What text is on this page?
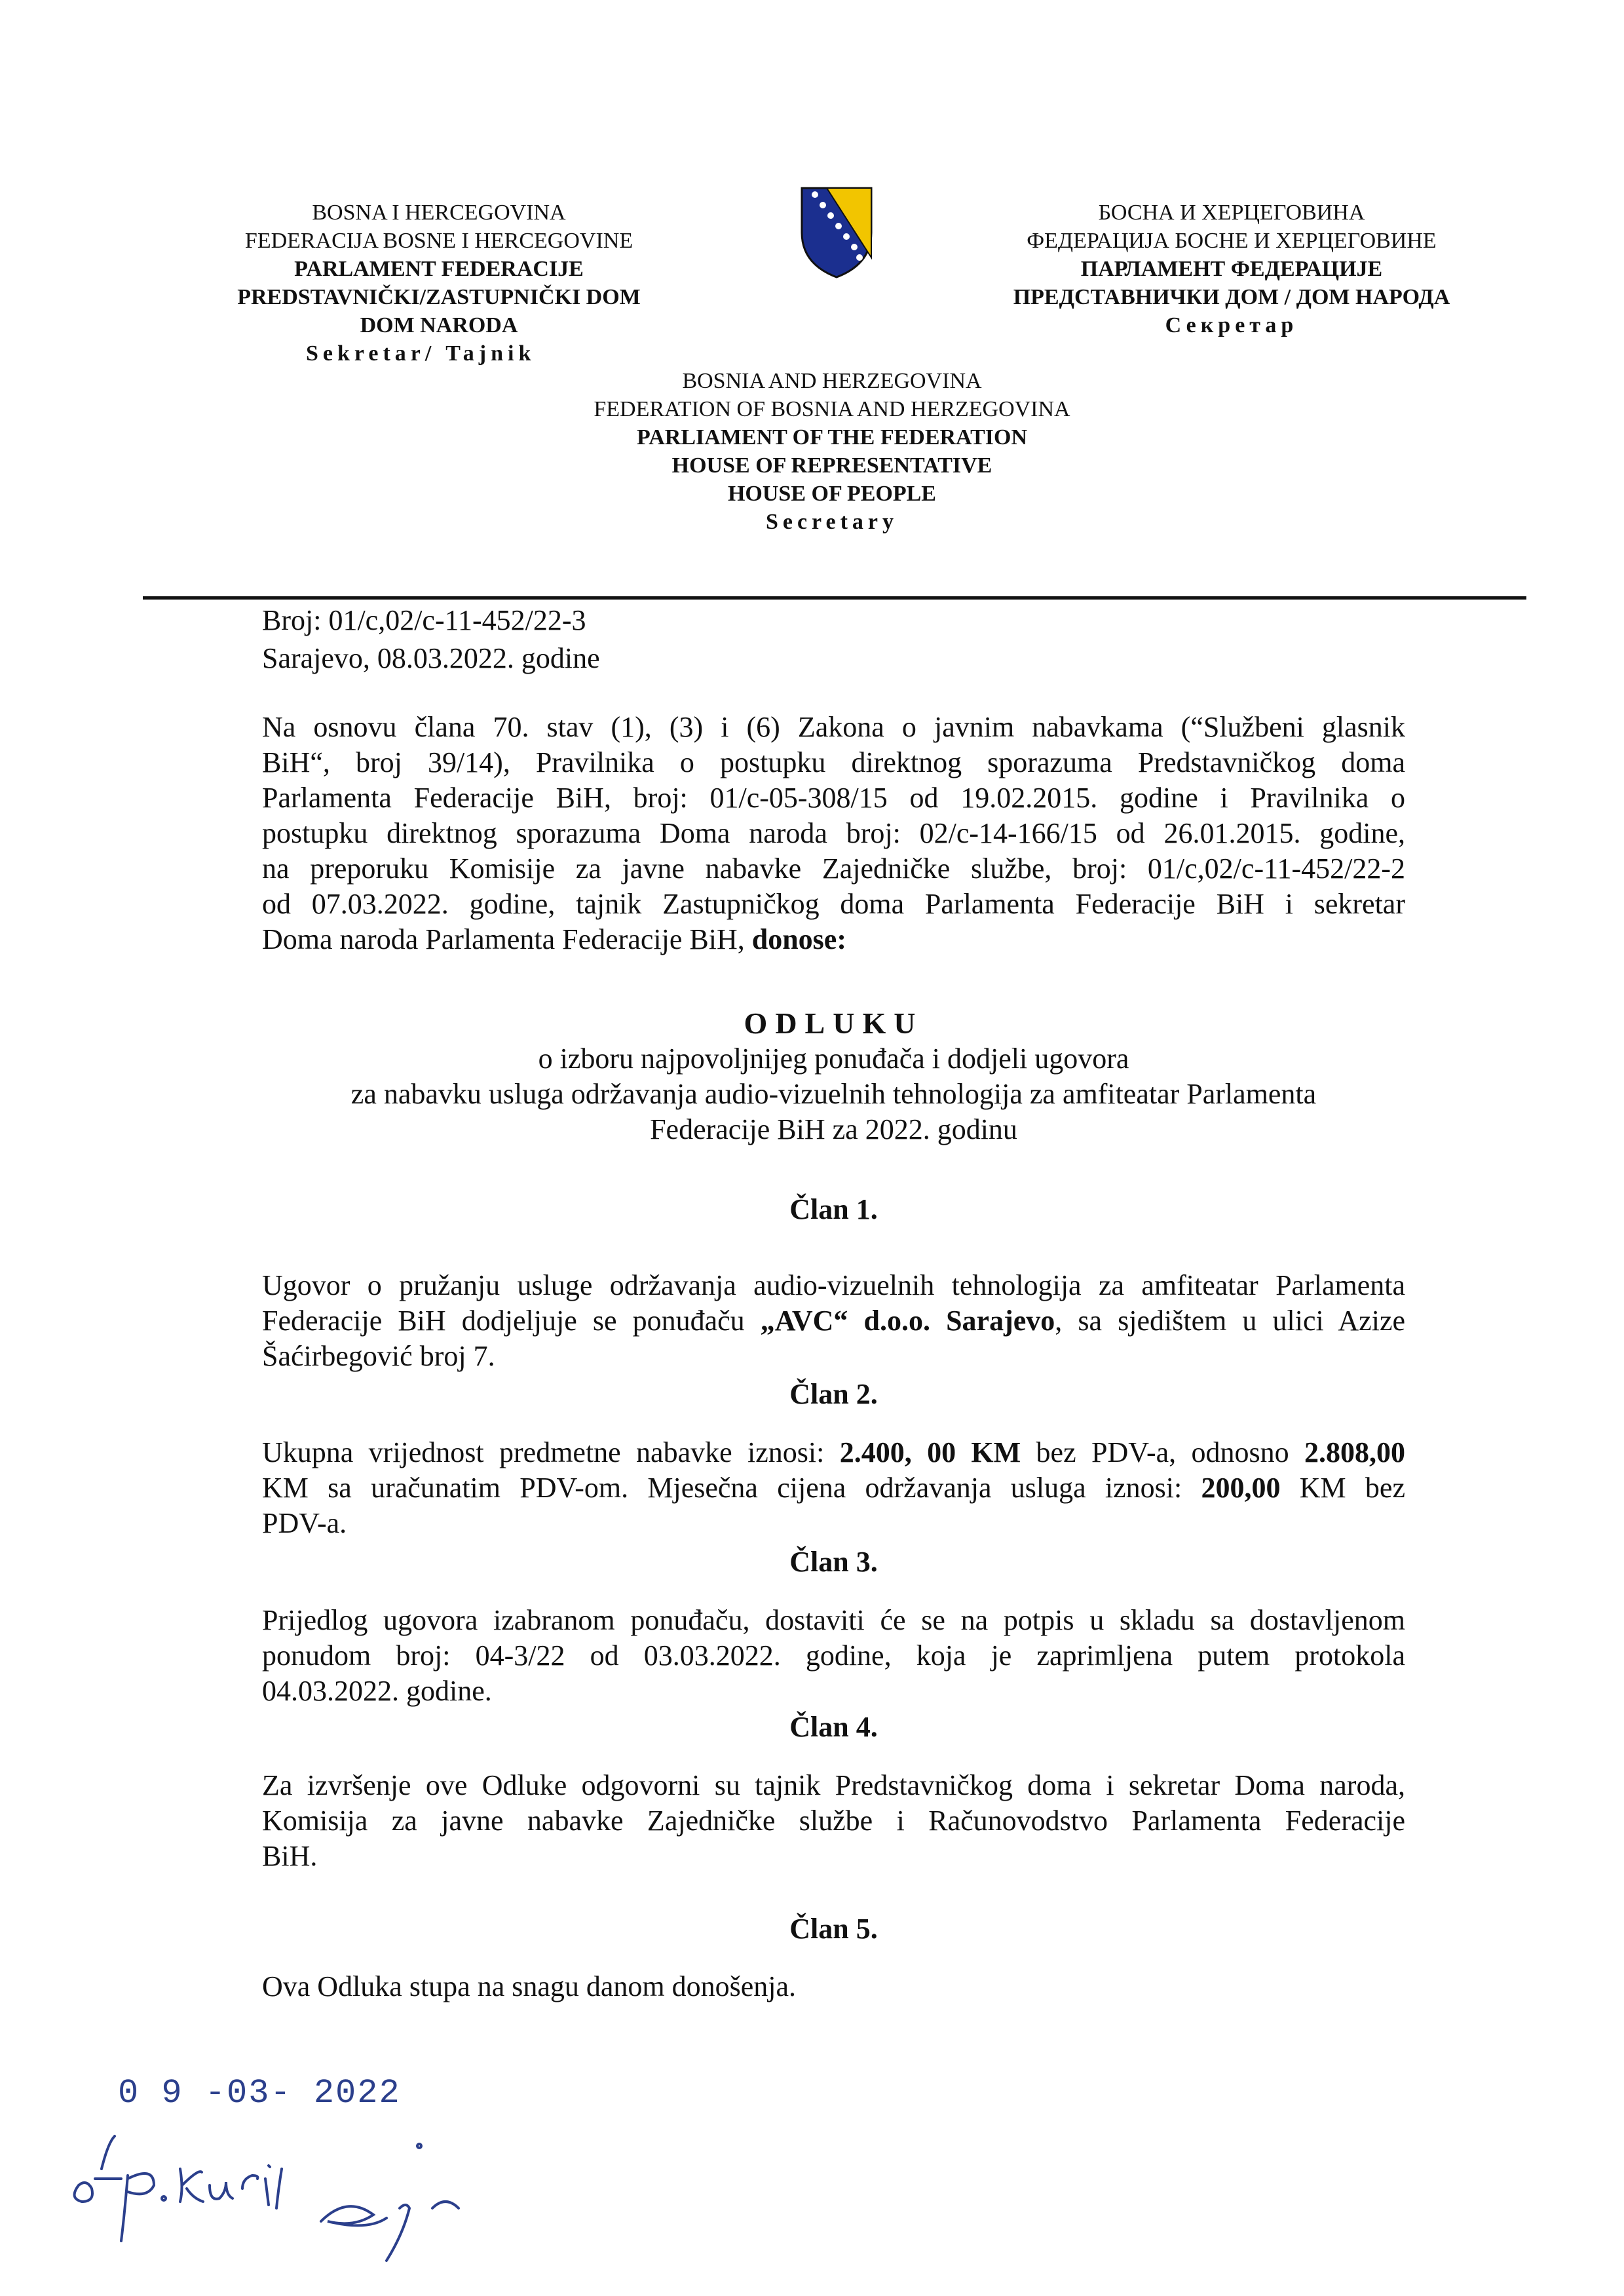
BOSNA I HERCEGOVINA
FEDERACIJA BOSNE I HERCEGOVINE
PARLAMENT FEDERACIJE
PREDSTAVNIČKI/ZASTUPNIČKI DOM
DOM NARODA
Sekretar/ Tajnik
БОСНА И ХЕРЦЕГОВИНА
ФЕДЕРАЦИЈА БОСНЕ И ХЕРЦЕГОВИНЕ
ПАРЛАМЕНТ ФЕДЕРАЦИЈЕ
ПРЕДСТАВНИЧКИ ДОМ / ДОМ НАРОДА
Секретар
BOSNIA AND HERZEGOVINA
FEDERATION OF BOSNIA AND HERZEGOVINA
PARLIAMENT OF THE FEDERATION
HOUSE OF REPRESENTATIVE
HOUSE OF PEOPLE
Secretary
Broj: 01/c,02/c-11-452/22-3
Sarajevo, 08.03.2022. godine
Na osnovu člana 70. stav (1), (3) i (6) Zakona o javnim nabavkama (“Službeni glasnik
BiH“, broj 39/14), Pravilnika o postupku direktnog sporazuma Predstavničkog doma
Parlamenta Federacije BiH, broj: 01/c-05-308/15 od 19.02.2015. godine i Pravilnika o
postupku direktnog sporazuma Doma naroda broj: 02/c-14-166/15 od 26.01.2015. godine,
na preporuku Komisije za javne nabavke Zajedničke službe, broj: 01/c,02/c-11-452/22-2
od 07.03.2022. godine, tajnik Zastupničkog doma Parlamenta Federacije BiH i sekretar
Doma naroda Parlamenta Federacije BiH, donose:
ODLUKU
o izboru najpovoljnijeg ponuđača i dodjeli ugovora
za nabavku usluga održavanja audio-vizuelnih tehnologija za amfiteatar Parlamenta
Federacije BiH za 2022. godinu
Član 1.
Ugovor o pružanju usluge održavanja audio-vizuelnih tehnologija za amfiteatar Parlamenta
Federacije BiH dodjeljuje se ponuđaču „AVC“ d.o.o. Sarajevo, sa sjedištem u ulici Azize
Šaćirbegović broj 7.
Član 2.
Ukupna vrijednost predmetne nabavke iznosi: 2.400, 00 KM bez PDV-a, odnosno 2.808,00
KM sa uračunatim PDV-om. Mjesečna cijena održavanja usluga iznosi: 200,00 KM bez
PDV-a.
Član 3.
Prijedlog ugovora izabranom ponuđaču, dostaviti će se na potpis u skladu sa dostavljenom
ponudom broj: 04-3/22 od 03.03.2022. godine, koja je zaprimljena putem protokola
04.03.2022. godine.
Član 4.
Za izvršenje ove Odluke odgovorni su tajnik Predstavničkog doma i sekretar Doma naroda,
Komisija za javne nabavke Zajedničke službe i Računovodstvo Parlamenta Federacije
BiH.
Član 5.
Ova Odluka stupa na snagu danom donošenja.
0 9 -03- 2022
